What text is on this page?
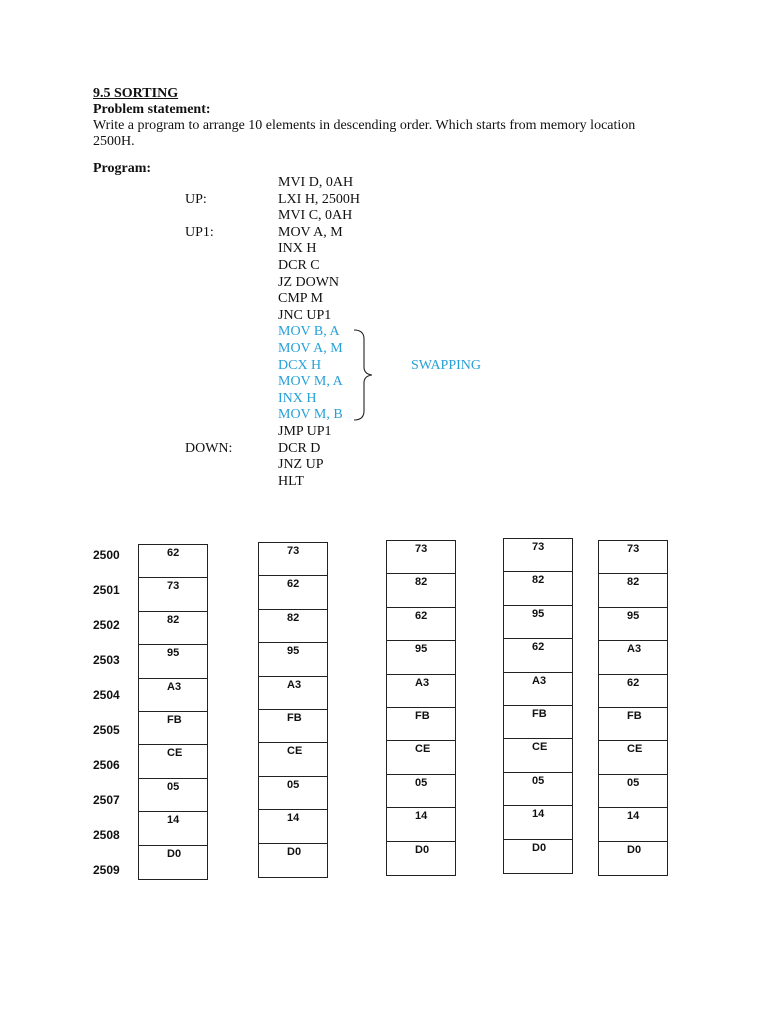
9.5 SORTING
Problem statement:
Write a program to arrange 10 elements in descending order. Which starts from memory location 2500H.
Program:
UP:
UP1:
DOWN:
MVI D, 0AH
LXI H, 2500H
MVI C, 0AH
MOV A, M
INX H
DCR C
JZ DOWN
CMP M
JNC UP1
MOV B, A
MOV A, M
DCX H
MOV M, A
INX H
MOV M, B
JMP UP1
DCR D
JNZ UP
HLT
SWAPPING
2500
2501
2502
2503
2504
2505
2506
2507
2508
2509
62
73
82
95
A3
FB
CE
05
14
D0
73
62
82
95
A3
FB
CE
05
14
D0
73
82
62
95
A3
FB
CE
05
14
D0
73
82
95
62
A3
FB
CE
05
14
D0
73
82
95
A3
62
FB
CE
05
14
D0
